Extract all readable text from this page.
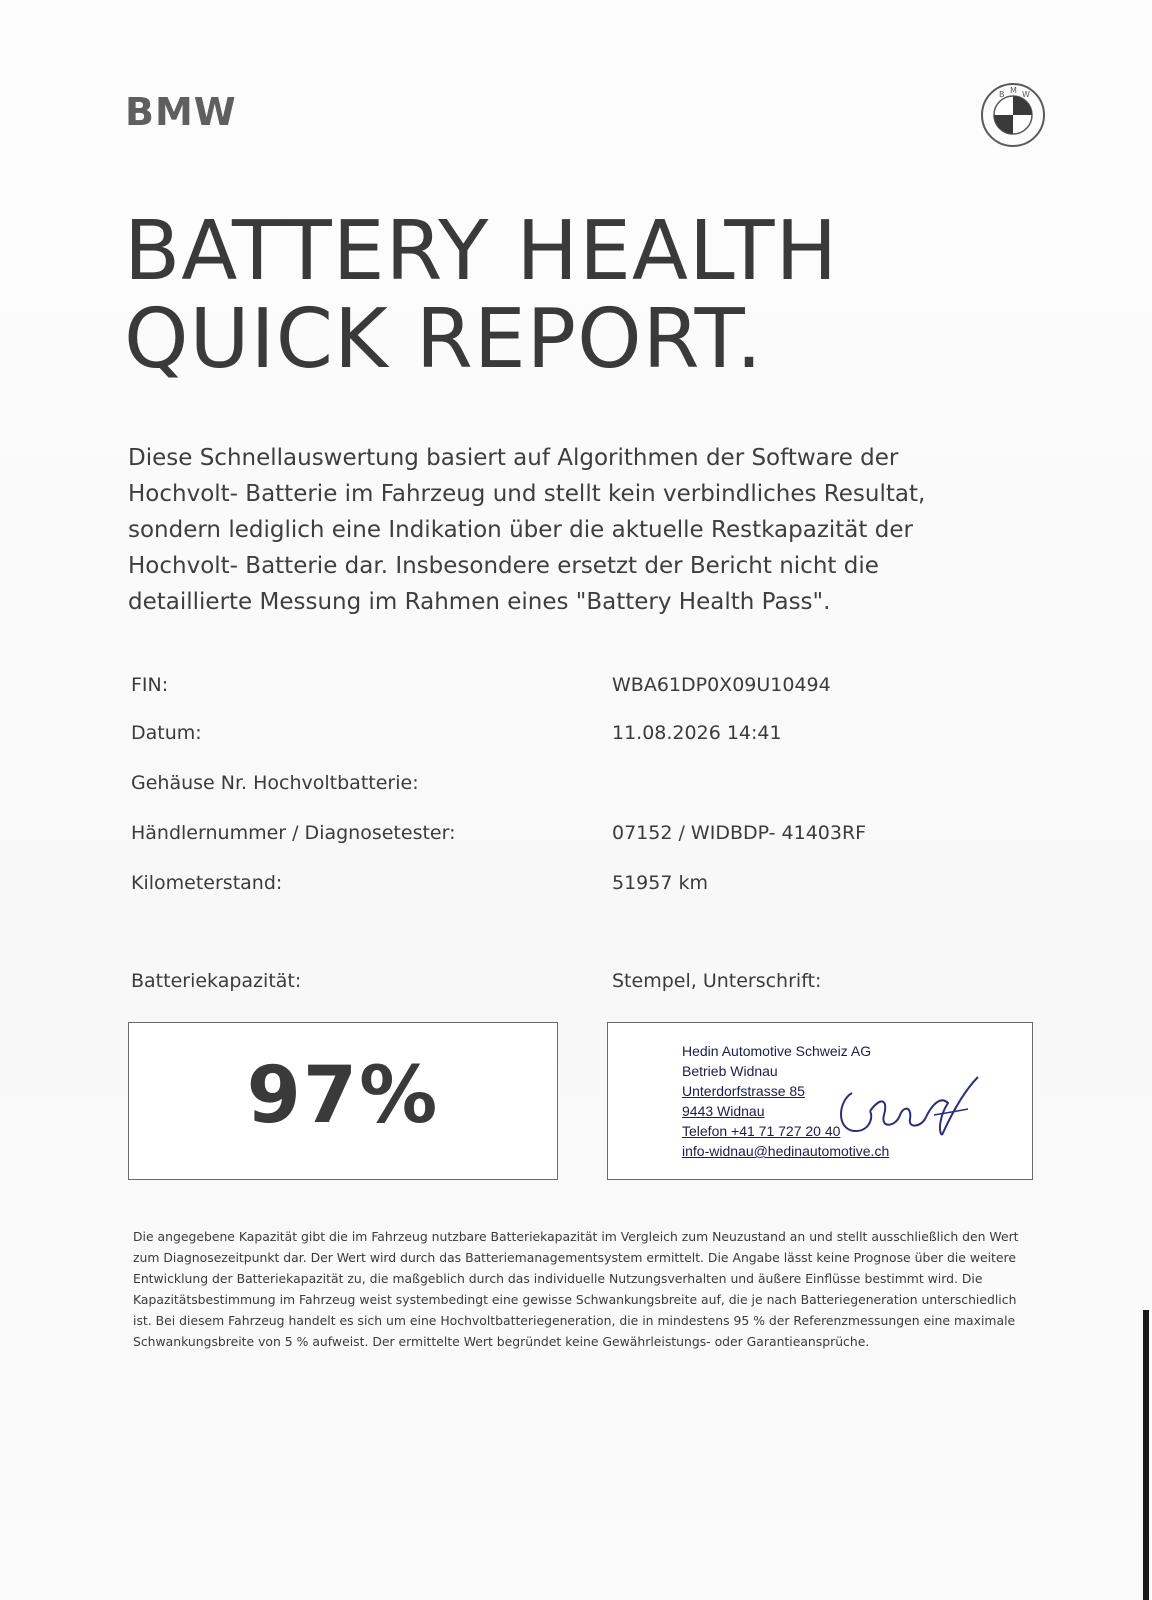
BMW	B M W
BATTERY HEALTH
QUICK REPORT.

Diese Schnellauswertung basiert auf Algorithmen der Software der Hochvolt- Batterie im Fahrzeug und stellt kein verbindliches Resultat, sondern lediglich eine Indikation über die aktuelle Restkapazität der Hochvolt- Batterie dar. Insbesondere ersetzt der Bericht nicht die detaillierte Messung im Rahmen eines "Battery Health Pass".

FIN:	WBA61DP0X09U10494
Datum:	11.08.2026 14:41
Gehäuse Nr. Hochvoltbatterie:
Händlernummer / Diagnosetester:	07152 / WIDBDP- 41403RF
Kilometerstand:	51957 km
Batteriekapazität:	Stempel, Unterschrift:
97%	Hedin Automotive Schweiz AG
Betrieb Widnau
Unterdorfstrasse 85
9443 Widnau
Telefon +41 71 727 20 40
info-widnau@hedinautomotive.ch

Die angegebene Kapazität gibt die im Fahrzeug nutzbare Batteriekapazität im Vergleich zum Neuzustand an und stellt ausschließlich den Wert zum Diagnosezeitpunkt dar. Der Wert wird durch das Batteriemanagementsystem ermittelt. Die Angabe lässt keine Prognose über die weitere Entwicklung der Batteriekapazität zu, die maßgeblich durch das individuelle Nutzungsverhalten und äußere Einflüsse bestimmt wird. Die Kapazitätsbestimmung im Fahrzeug weist systembedingt eine gewisse Schwankungsbreite auf, die je nach Batteriegeneration unterschiedlich ist. Bei diesem Fahrzeug handelt es sich um eine Hochvoltbatteriegeneration, die in mindestens 95 % der Referenzmessungen eine maximale Schwankungsbreite von 5 % aufweist. Der ermittelte Wert begründet keine Gewährleistungs- oder Garantieansprüche.
